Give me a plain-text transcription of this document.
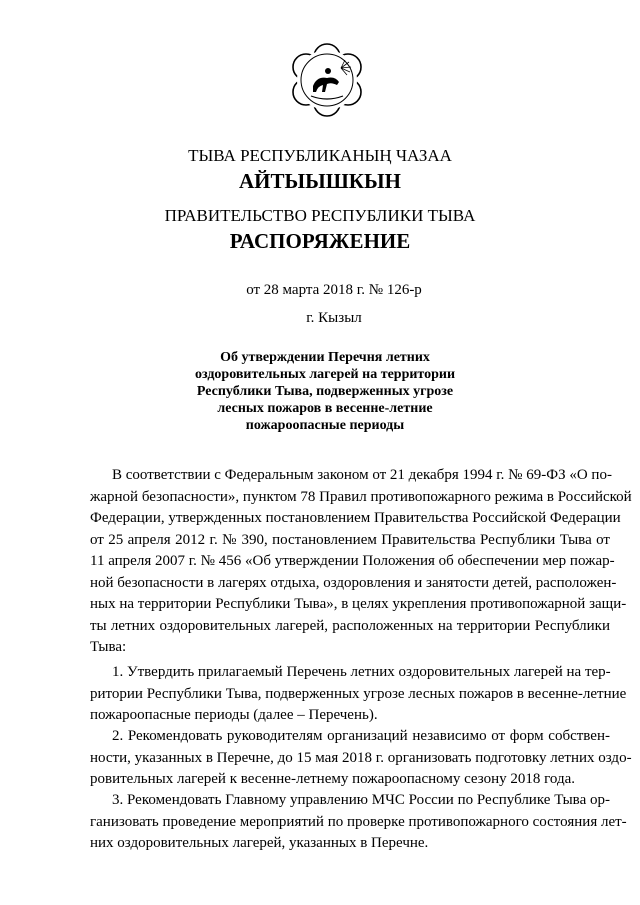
ТЫВА РЕСПУБЛИКАНЫҢ ЧАЗАА
АЙТЫЫШКЫН
ПРАВИТЕЛЬСТВО РЕСПУБЛИКИ ТЫВА
РАСПОРЯЖЕНИЕ
от 28 марта 2018 г. № 126-р
г. Кызыл
Об утверждении Перечня летних
оздоровительных лагерей на территории
Республики Тыва, подверженных угрозе
лесных пожаров в весенне-летние
пожароопасные периоды
В соответствии с Федеральным законом от 21 декабря 1994 г. № 69-ФЗ «О по-
жарной безопасности», пунктом 78 Правил противопожарного режима в Российской
Федерации, утвержденных постановлением Правительства Российской Федерации
от 25 апреля 2012 г. № 390, постановлением Правительства Республики Тыва от
11 апреля 2007 г. № 456 «Об утверждении Положения об обеспечении мер пожар-
ной безопасности в лагерях отдыха, оздоровления и занятости детей, расположен-
ных на территории Республики Тыва», в целях укрепления противопожарной защи-
ты летних оздоровительных лагерей, расположенных на территории Республики
Тыва:
1. Утвердить прилагаемый Перечень летних оздоровительных лагерей на тер-
ритории Республики Тыва, подверженных угрозе лесных пожаров в весенне-летние
пожароопасные периоды (далее – Перечень).
2. Рекомендовать руководителям организаций независимо от форм собствен-
ности, указанных в Перечне, до 15 мая 2018 г. организовать подготовку летних оздо-
ровительных лагерей к весенне-летнему пожароопасному сезону 2018 года.
3. Рекомендовать Главному управлению МЧС России по Республике Тыва ор-
ганизовать проведение мероприятий по проверке противопожарного состояния лет-
них оздоровительных лагерей, указанных в Перечне.
